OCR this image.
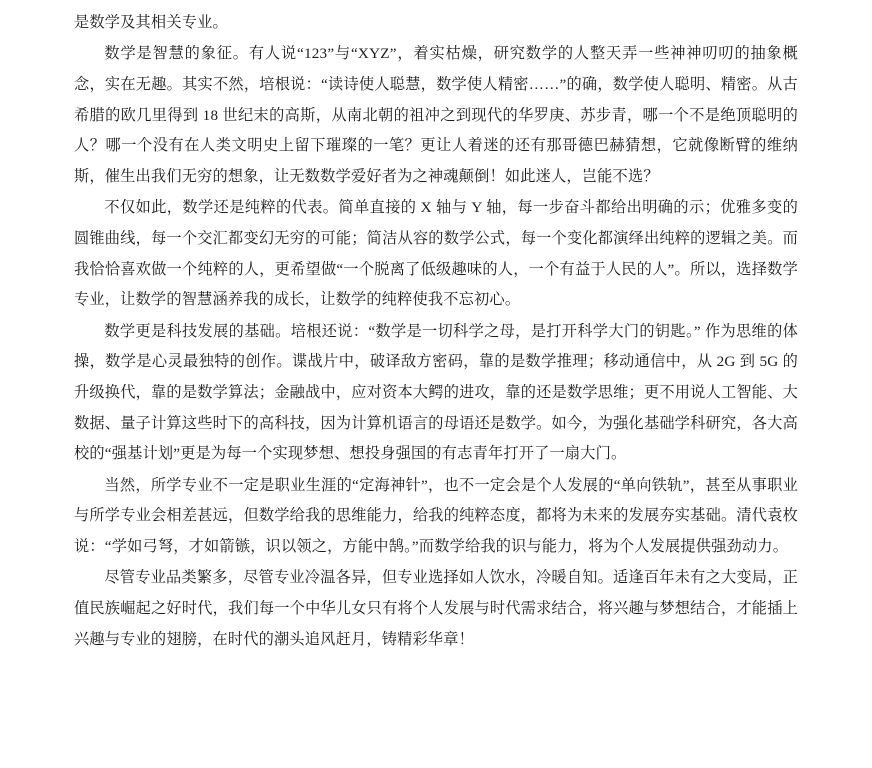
是数学及其相关专业。

数学是智慧的象征。有人说“123”与“XYZ”，着实枯燥，研究数学的人整天弄一些神神叨叨的抽象概念，实在无趣。其实不然，培根说：“读诗使人聪慧，数学使人精密……”的确，数学使人聪明、精密。从古希腊的欧几里得到 18 世纪末的高斯，从南北朝的祖冲之到现代的华罗庚、苏步青，哪一个不是绝顶聪明的人？哪一个没有在人类文明史上留下璀璨的一笔？更让人着迷的还有那哥德巴赫猜想，它就像断臂的维纳斯，催生出我们无穷的想象，让无数数学爱好者为之神魂颠倒！如此迷人，岂能不选？

不仅如此，数学还是纯粹的代表。简单直接的 X 轴与 Y 轴，每一步奋斗都给出明确的示；优雅多变的圆锥曲线，每一个交汇都变幻无穷的可能；简洁从容的数学公式，每一个变化都演绎出纯粹的逻辑之美。而我恰恰喜欢做一个纯粹的人，更希望做“一个脱离了低级趣味的人，一个有益于人民的人”。所以，选择数学专业，让数学的智慧涵养我的成长，让数学的纯粹使我不忘初心。

数学更是科技发展的基础。培根还说：“数学是一切科学之母，是打开科学大门的钥匙。” 作为思维的体操，数学是心灵最独特的创作。谍战片中，破译敌方密码，靠的是数学推理；移动通信中，从 2G 到 5G 的升级换代，靠的是数学算法；金融战中，应对资本大鳄的进攻，靠的还是数学思维；更不用说人工智能、大数据、量子计算这些时下的高科技，因为计算机语言的母语还是数学。如今，为强化基础学科研究，各大高校的“强基计划”更是为每一个实现梦想、想投身强国的有志青年打开了一扇大门。

当然，所学专业不一定是职业生涯的“定海神针”，也不一定会是个人发展的“单向铁轨”，甚至从事职业与所学专业会相差甚远，但数学给我的思维能力，给我的纯粹态度，都将为未来的发展夯实基础。清代袁枚说：“学如弓弩，才如箭镞，识以领之，方能中鹄。”而数学给我的识与能力，将为个人发展提供强劲动力。

尽管专业品类繁多，尽管专业冷温各异，但专业选择如人饮水，冷暖自知。适逢百年未有之大变局，正值民族崛起之好时代，我们每一个中华儿女只有将个人发展与时代需求结合，将兴趣与梦想结合，才能插上兴趣与专业的翅膀，在时代的潮头追风赶月，铸精彩华章！
